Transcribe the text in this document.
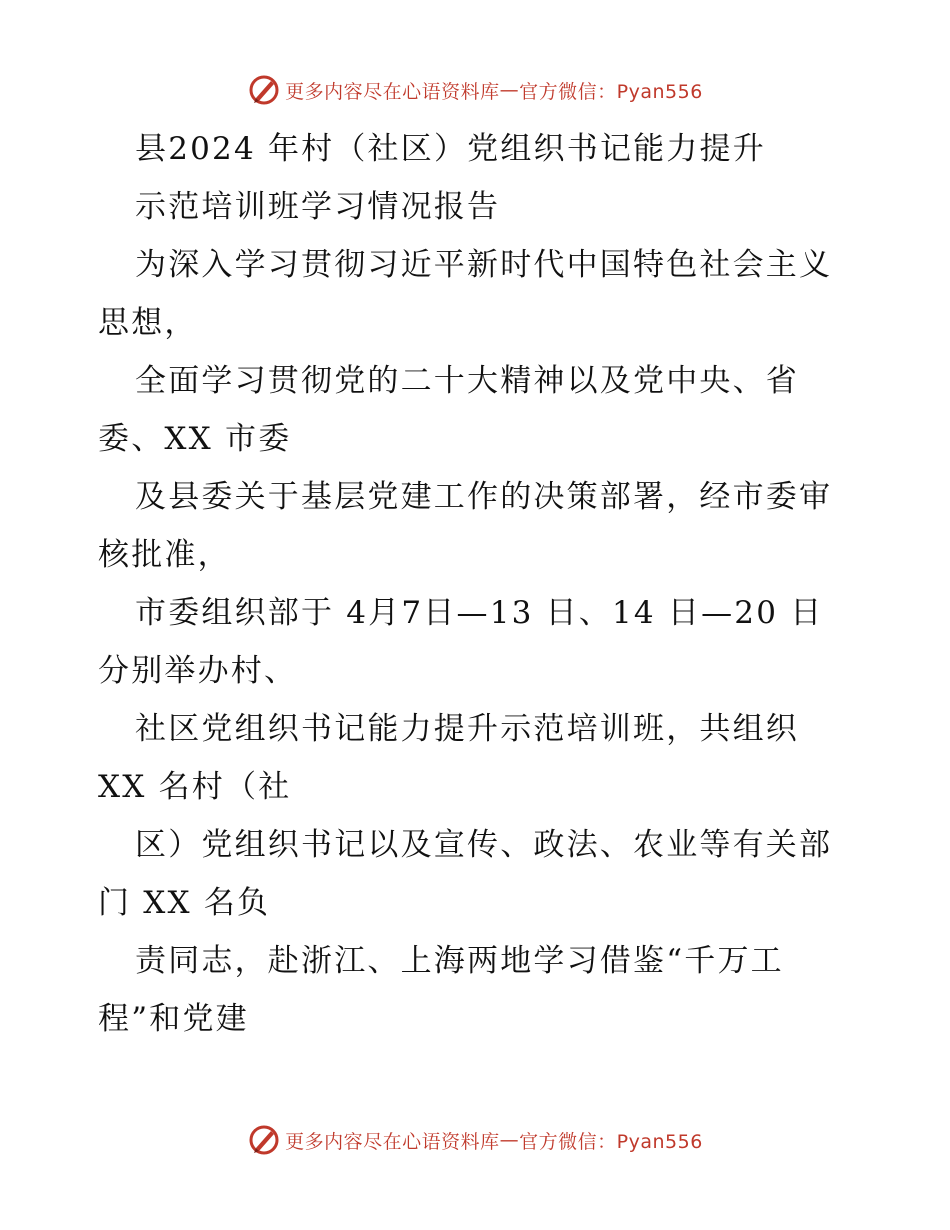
更多内容尽在心语资料库 — 官方微信：Pyan556
县2024 年村（社区）党组织书记能力提升
示范培训班学习情况报告
为深入学习贯彻习近平新时代中国特色社会主义
思想，
全面学习贯彻党的二十大精神以及党中央、省
委、XX 市委
及县委关于基层党建工作的决策部署，经市委审
核批准，
市委组织部于 4月7日—13 日、14 日—20 日
分别举办村、
社区党组织书记能力提升示范培训班，共组织
XX 名村（社
区）党组织书记以及宣传、政法、农业等有关部
门 XX 名负
责同志，赴浙江、上海两地学习借鉴“千万工
程”和党建
更多内容尽在心语资料库 — 官方微信：Pyan556
